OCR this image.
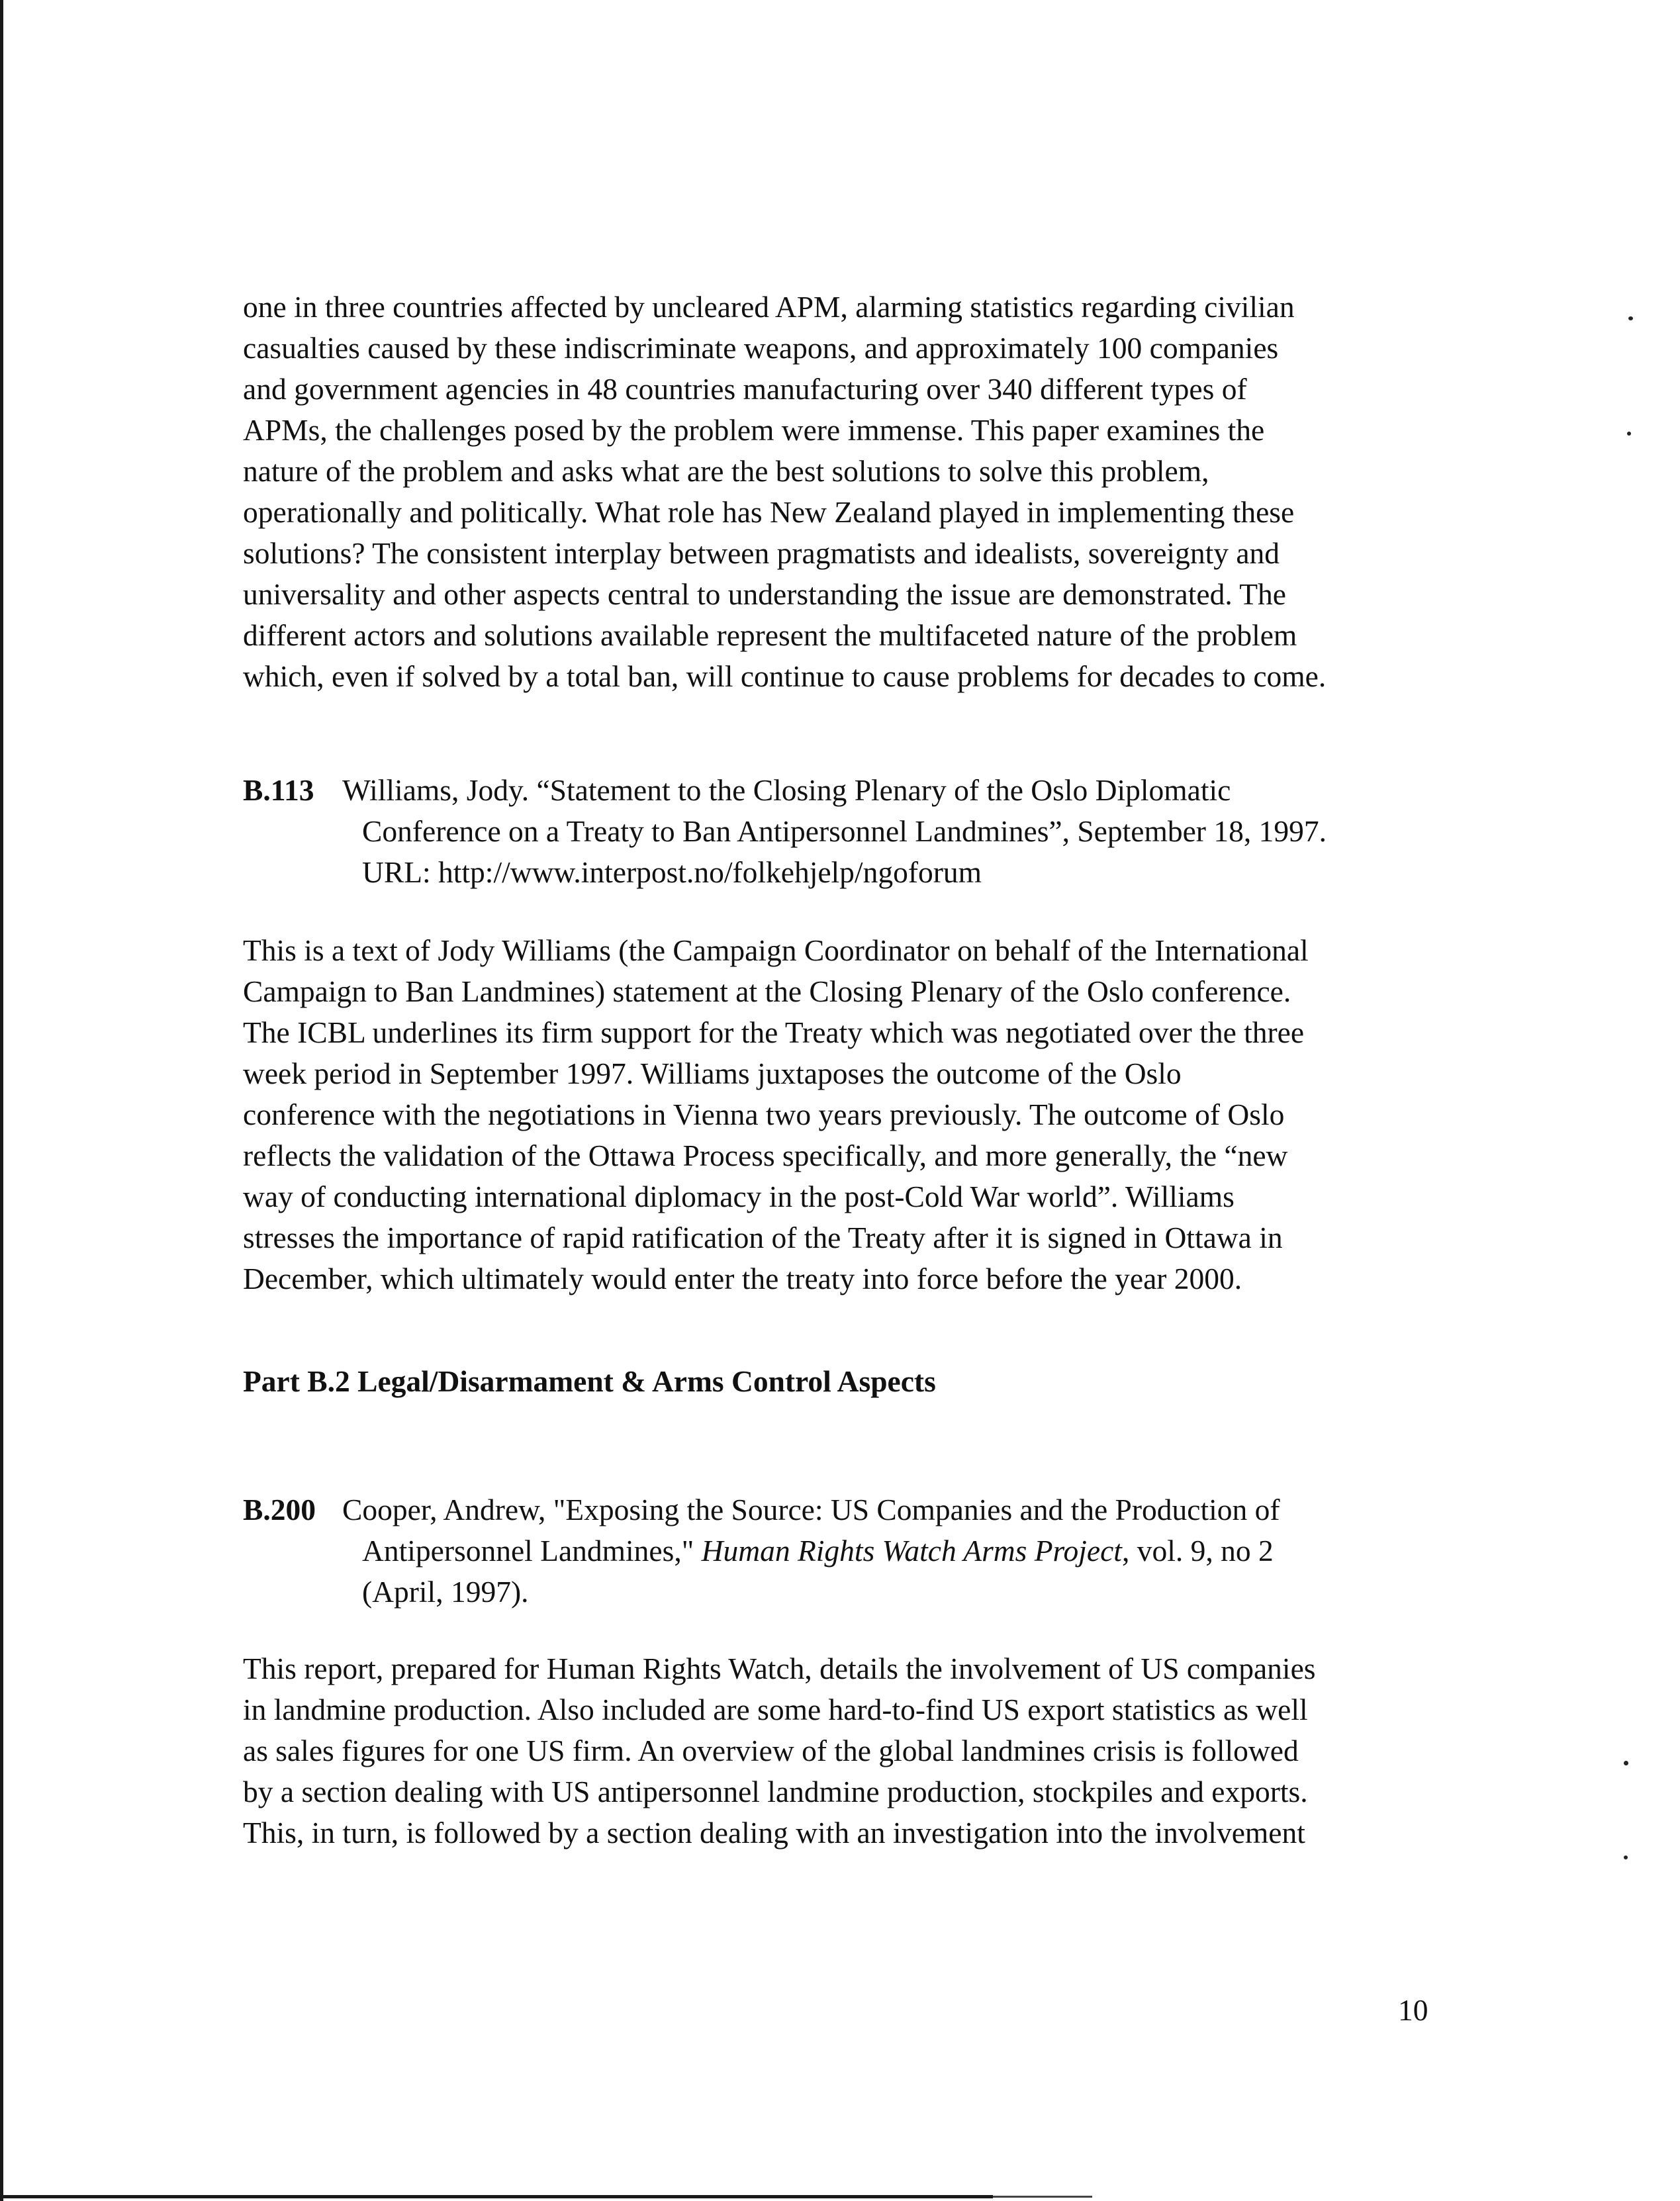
one in three countries affected by uncleared APM, alarming statistics regarding civilian
casualties caused by these indiscriminate weapons, and approximately 100 companies
and government agencies in 48 countries manufacturing over 340 different types of
APMs, the challenges posed by the problem were immense. This paper examines the
nature of the problem and asks what are the best solutions to solve this problem,
operationally and politically. What role has New Zealand played in implementing these
solutions? The consistent interplay between pragmatists and idealists, sovereignty and
universality and other aspects central to understanding the issue are demonstrated. The
different actors and solutions available represent the multifaceted nature of the problem
which, even if solved by a total ban, will continue to cause problems for decades to come.
B.113 Williams, Jody. “Statement to the Closing Plenary of the Oslo Diplomatic
Conference on a Treaty to Ban Antipersonnel Landmines”, September 18, 1997.
URL: http://www.interpost.no/folkehjelp/ngoforum
This is a text of Jody Williams (the Campaign Coordinator on behalf of the International
Campaign to Ban Landmines) statement at the Closing Plenary of the Oslo conference.
The ICBL underlines its firm support for the Treaty which was negotiated over the three
week period in September 1997. Williams juxtaposes the outcome of the Oslo
conference with the negotiations in Vienna two years previously. The outcome of Oslo
reflects the validation of the Ottawa Process specifically, and more generally, the “new
way of conducting international diplomacy in the post-Cold War world”. Williams
stresses the importance of rapid ratification of the Treaty after it is signed in Ottawa in
December, which ultimately would enter the treaty into force before the year 2000.
Part B.2 Legal/Disarmament & Arms Control Aspects
B.200 Cooper, Andrew, "Exposing the Source: US Companies and the Production of
Antipersonnel Landmines," Human Rights Watch Arms Project, vol. 9, no 2
(April, 1997).
This report, prepared for Human Rights Watch, details the involvement of US companies
in landmine production. Also included are some hard-to-find US export statistics as well
as sales figures for one US firm. An overview of the global landmines crisis is followed
by a section dealing with US antipersonnel landmine production, stockpiles and exports.
This, in turn, is followed by a section dealing with an investigation into the involvement
10
